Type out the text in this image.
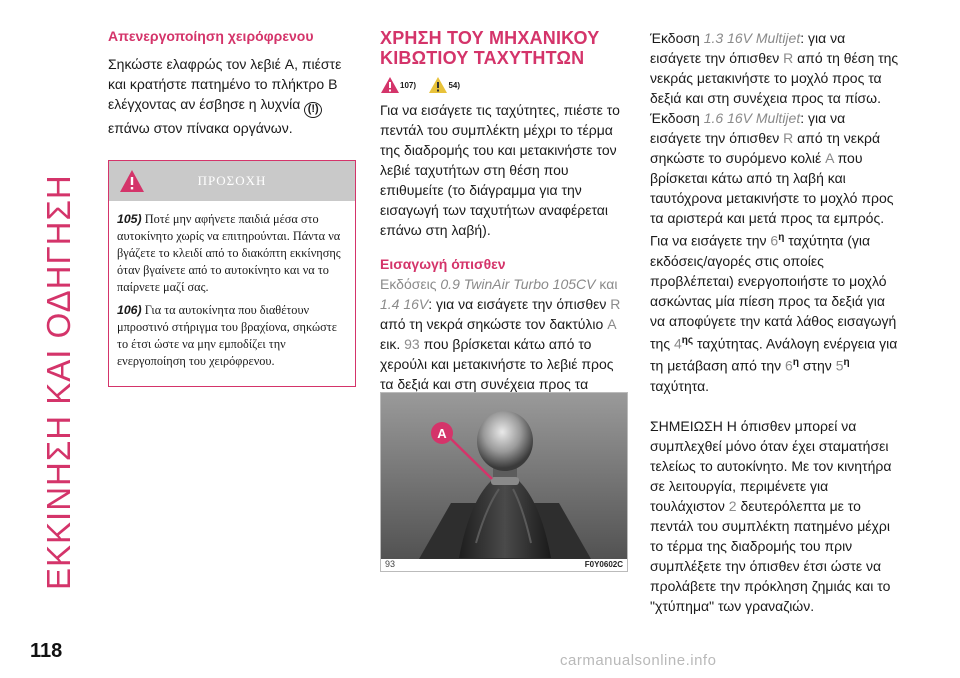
ΕΚΚΙΝΗΣΗ ΚΑΙ ΟΔΗΓΗΣΗ
118	carmanualsonline.info
Απενεργοποίηση χειρόφρενου
Σηκώστε ελαφρώς τον λεβιέ A, πιέστε και κρατήστε πατημένο το πλήκτρο B ελέγχοντας αν έσβησε η λυχνία (!)επάνω στον πίνακα οργάνων.
ΠΡΟΣΟΧΗ

105) Ποτέ μην αφήνετε παιδιά μέσα στο αυτοκίνητο χωρίς να επιτηρούνται. Πάντα να βγάζετε το κλειδί από το διακόπτη εκκίνησης όταν βγαίνετε από το αυτοκίνητο και να το παίρνετε μαζί σας.

106) Για τα αυτοκίνητα που διαθέτουν μπροστινό στήριγμα του βραχίονα, σηκώστε το έτσι ώστε να μην εμποδίζει την ενεργοποίηση του χειρόφρενου.

ΧΡΗΣΗ ΤΟΥ ΜΗΧΑΝΙΚΟΥ
ΚΙΒΩΤΙΟΥ ΤΑΧΥΤΗΤΩΝ
107)	54)
Για να εισάγετε τις ταχύτητες, πιέστε το πεντάλ του συμπλέκτη μέχρι το τέρμα της διαδρομής του και μετακινήστε τον λεβιέ ταχυτήτων στη θέση που επιθυμείτε (το διάγραμμα για την εισαγωγή των ταχυτήτων αναφέρεται επάνω στη λαβή).
Εισαγωγή όπισθεν
Εκδόσεις 0.9 TwinAir Turbo 105CV και 1.4 16V: για να εισάγετε την όπισθεν R από τη νεκρά σηκώστε τον δακτύλιο A εικ. 93 που βρίσκεται κάτω από το χερούλι και μετακινήστε το λεβιέ προς τα δεξιά και στη συνέχεια προς τα
A
93	F0Y0602C
Έκδοση 1.3 16V Multijet: για να εισάγετε την όπισθεν R από τη θέση της νεκράς μετακινήστε το μοχλό προς τα δεξιά και στη συνέχεια προς τα πίσω.
Έκδοση 1.6 16V Multijet: για να εισάγετε την όπισθεν R από τη νεκρά σηκώστε το συρόμενο κολιέ A που βρίσκεται κάτω από τη λαβή και ταυτόχρονα μετακινήστε το μοχλό προς τα αριστερά και μετά προς τα εμπρός.
Για να εισάγετε την $6^\eta$ ταχύτητα (για εκδόσεις/αγορές στις οποίες προβλέπεται) ενεργοποιήστε το μοχλό ασκώντας μία πίεση προς τα δεξιά για να αποφύγετε την κατά λάθος εισαγωγή της $4^{\eta\varsigma}$ ταχύτητας. Ανάλογη ενέργεια για τη μετάβαση από την $6^\eta$ στην $5^\eta$ ταχύτητα.
ΣΗΜΕΙΩΣΗ Η όπισθεν μπορεί να συμπλεχθεί μόνο όταν έχει σταματήσει τελείως το αυτοκίνητο. Με τον κινητήρα σε λειτουργία, περιμένετε για τουλάχιστον 2 δευτερόλεπτα με το πεντάλ του συμπλέκτη πατημένο μέχρι το τέρμα της διαδρομής του πριν συμπλέξετε την όπισθεν έτσι ώστε να προλάβετε την πρόκληση ζημιάς και το "χτύπημα" των γραναζιών.
